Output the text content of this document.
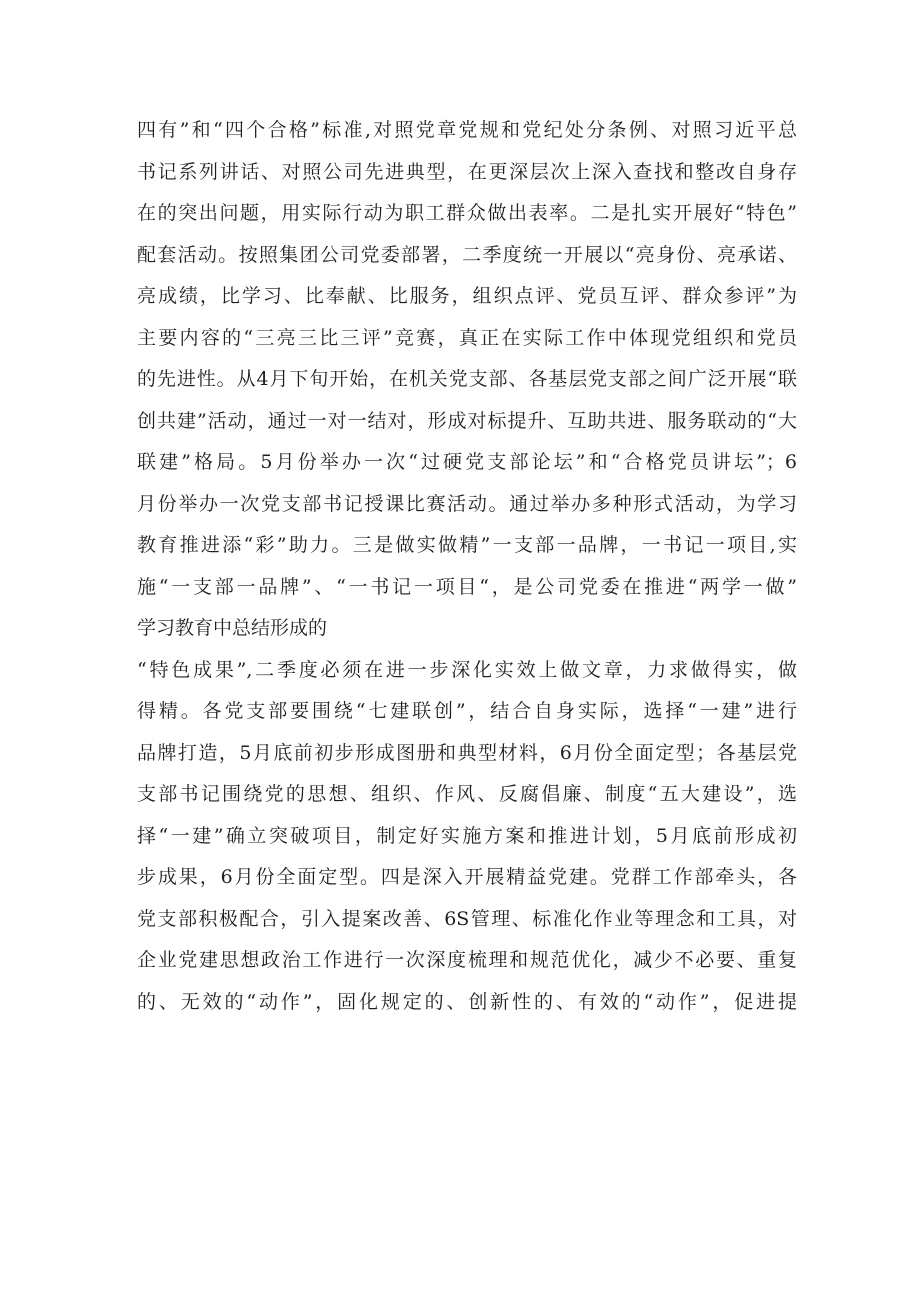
四有”和“四个合格”标准,对照党章党规和党纪处分条例、对照习近平总
书记系列讲话、对照公司先进典型，在更深层次上深入查找和整改自身存
在的突出问题，用实际行动为职工群众做出表率。二是扎实开展好“特色”
配套活动。按照集团公司党委部署，二季度统一开展以“亮身份、亮承诺、
亮成绩，比学习、比奉献、比服务，组织点评、党员互评、群众参评”为
主要内容的“三亮三比三评”竞赛，真正在实际工作中体现党组织和党员
的先进性。从4月下旬开始，在机关党支部、各基层党支部之间广泛开展“联
创共建”活动，通过一对一结对，形成对标提升、互助共进、服务联动的“大
联建”格局。5月份举办一次“过硬党支部论坛”和“合格党员讲坛”；6
月份举办一次党支部书记授课比赛活动。通过举办多种形式活动，为学习
教育推进添“彩”助力。三是做实做精”一支部一品牌，一书记一项目,实
施“一支部一品牌”、“一书记一项目“，是公司党委在推进“两学一做”
学习教育中总结形成的
“特色成果”,二季度必须在进一步深化实效上做文章，力求做得实，做
得精。各党支部要围绕“七建联创”，结合自身实际，选择“一建”进行
品牌打造，5月底前初步形成图册和典型材料，6月份全面定型；各基层党
支部书记围绕党的思想、组织、作风、反腐倡廉、制度“五大建设”，选
择“一建”确立突破项目，制定好实施方案和推进计划，5月底前形成初
步成果，6月份全面定型。四是深入开展精益党建。党群工作部牵头，各
党支部积极配合，引入提案改善、6S管理、标准化作业等理念和工具，对
企业党建思想政治工作进行一次深度梳理和规范优化，减少不必要、重复
的、无效的“动作”，固化规定的、创新性的、有效的“动作”，促进提
